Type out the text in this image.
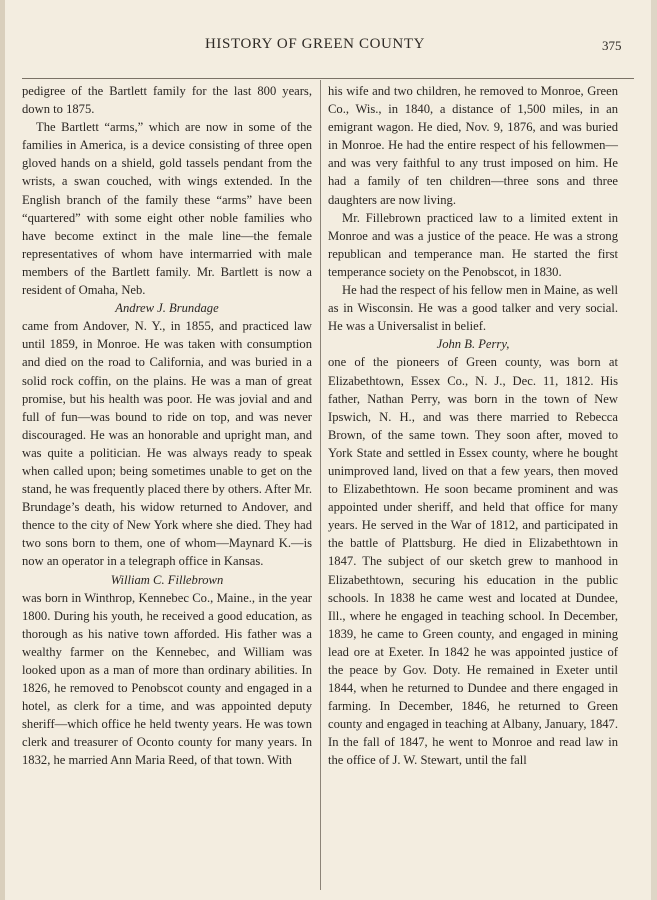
HISTORY OF GREEN COUNTY	375

pedigree of the Bartlett family for the last 800 years, down to 1875.

The Bartlett “arms,” which are now in some of the families in America, is a device consisting of three open gloved hands on a shield, gold tassels pendant from the wrists, a swan couched, with wings extended. In the English branch of the family these “arms” have been “quartered” with some eight other noble families who have become extinct in the male line—the female representatives of whom have intermarried with male members of the Bartlett family. Mr. Bartlett is now a resident of Omaha, Neb.

Andrew J. Brundage

came from Andover, N. Y., in 1855, and practiced law until 1859, in Monroe. He was taken with consumption and died on the road to California, and was buried in a solid rock coffin, on the plains. He was a man of great promise, but his health was poor. He was jovial and and full of fun—was bound to ride on top, and was never discouraged. He was an honorable and upright man, and was quite a politician. He was always ready to speak when called upon; being sometimes unable to get on the stand, he was frequently placed there by others. After Mr. Brundage’s death, his widow returned to Andover, and thence to the city of New York where she died. They had two sons born to them, one of whom—Maynard K.—is now an operator in a telegraph office in Kansas.

William C. Fillebrown

was born in Winthrop, Kennebec Co., Maine., in the year 1800. During his youth, he received a good education, as thorough as his native town afforded. His father was a wealthy farmer on the Kennebec, and William was looked upon as a man of more than ordinary abilities. In 1826, he removed to Penobscot county and engaged in a hotel, as clerk for a time, and was appointed deputy sheriff—which office he held twenty years. He was town clerk and treasurer of Oconto county for many years. In 1832, he married Ann Maria Reed, of that town. With

his wife and two children, he removed to Monroe, Green Co., Wis., in 1840, a distance of 1,500 miles, in an emigrant wagon. He died, Nov. 9, 1876, and was buried in Monroe. He had the entire respect of his fellowmen—and was very faithful to any trust imposed on him. He had a family of ten children—three sons and three daughters are now living.

Mr. Fillebrown practiced law to a limited extent in Monroe and was a justice of the peace. He was a strong republican and temperance man. He started the first temperance society on the Penobscot, in 1830.

He had the respect of his fellow men in Maine, as well as in Wisconsin. He was a good talker and very social. He was a Universalist in belief.

John B. Perry,

one of the pioneers of Green county, was born at Elizabethtown, Essex Co., N. J., Dec. 11, 1812. His father, Nathan Perry, was born in the town of New Ipswich, N. H., and was there married to Rebecca Brown, of the same town. They soon after, moved to York State and settled in Essex county, where he bought unimproved land, lived on that a few years, then moved to Elizabethtown. He soon became prominent and was appointed under sheriff, and held that office for many years. He served in the War of 1812, and participated in the battle of Plattsburg. He died in Elizabethtown in 1847. The subject of our sketch grew to manhood in Elizabethtown, securing his education in the public schools. In 1838 he came west and located at Dundee, Ill., where he engaged in teaching school. In December, 1839, he came to Green county, and engaged in mining lead ore at Exeter. In 1842 he was appointed justice of the peace by Gov. Doty. He remained in Exeter until 1844, when he returned to Dundee and there engaged in farming. In December, 1846, he returned to Green county and engaged in teaching at Albany, January, 1847. In the fall of 1847, he went to Monroe and read law in the office of J. W. Stewart, until the fall
